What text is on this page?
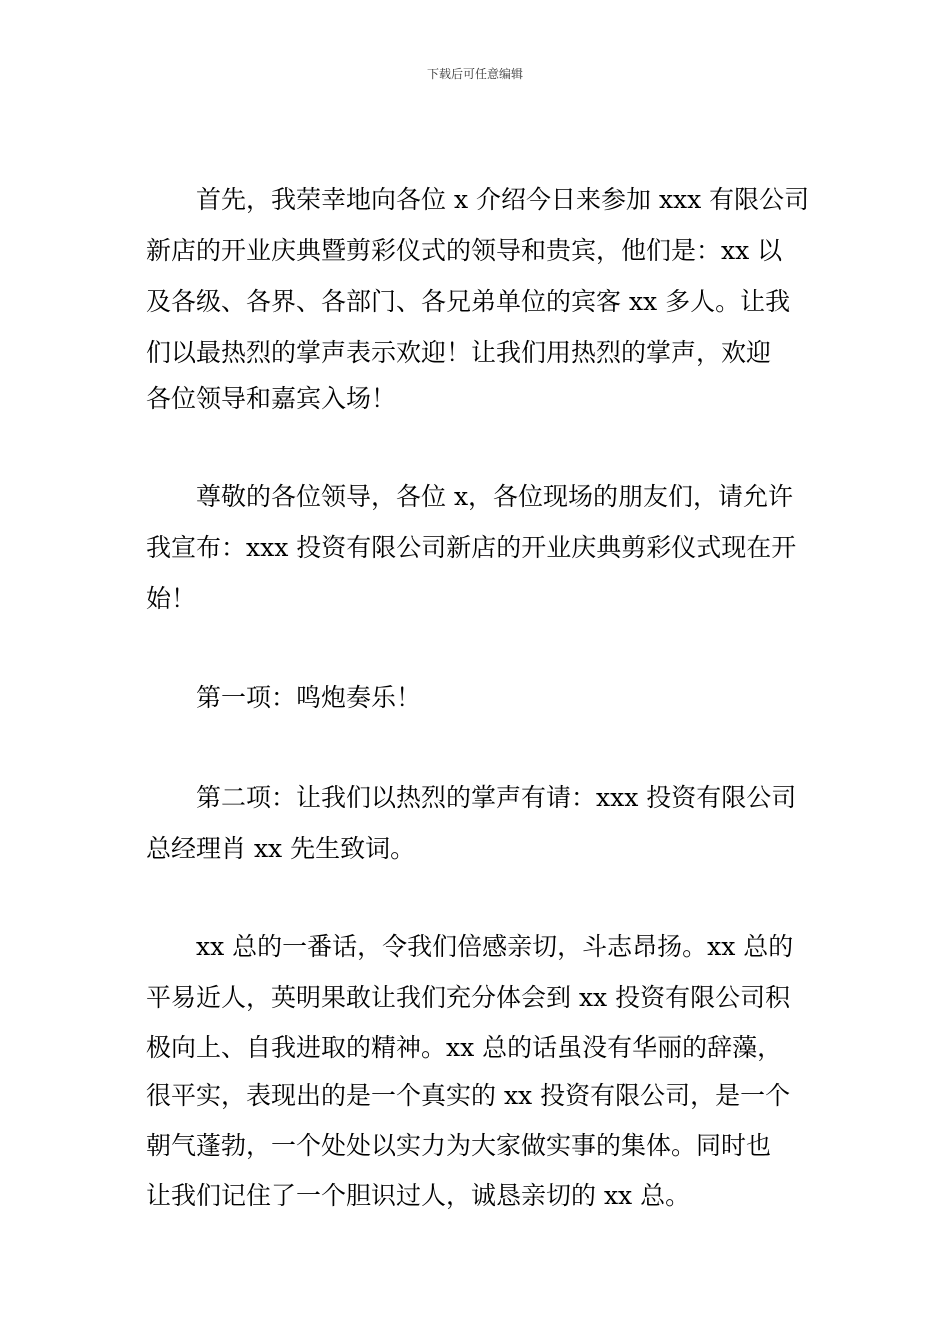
下载后可任意编辑
首先，我荣幸地向各位 x 介绍今日来参加 xxx 有限公司
新店的开业庆典暨剪彩仪式的领导和贵宾，他们是：xx 以
及各级、各界、各部门、各兄弟单位的宾客 xx 多人。让我
们以最热烈的掌声表示欢迎！让我们用热烈的掌声，欢迎
各位领导和嘉宾入场！
尊敬的各位领导，各位 x，各位现场的朋友们，请允许
我宣布：xxx 投资有限公司新店的开业庆典剪彩仪式现在开
始！
第一项：鸣炮奏乐！
第二项：让我们以热烈的掌声有请：xxx 投资有限公司
总经理肖 xx 先生致词。
xx 总的一番话，令我们倍感亲切，斗志昂扬。xx 总的
平易近人，英明果敢让我们充分体会到 xx 投资有限公司积
极向上、自我进取的精神。xx 总的话虽没有华丽的辞藻，
很平实，表现出的是一个真实的 xx 投资有限公司，是一个
朝气蓬勃，一个处处以实力为大家做实事的集体。同时也
让我们记住了一个胆识过人，诚恳亲切的 xx 总。
